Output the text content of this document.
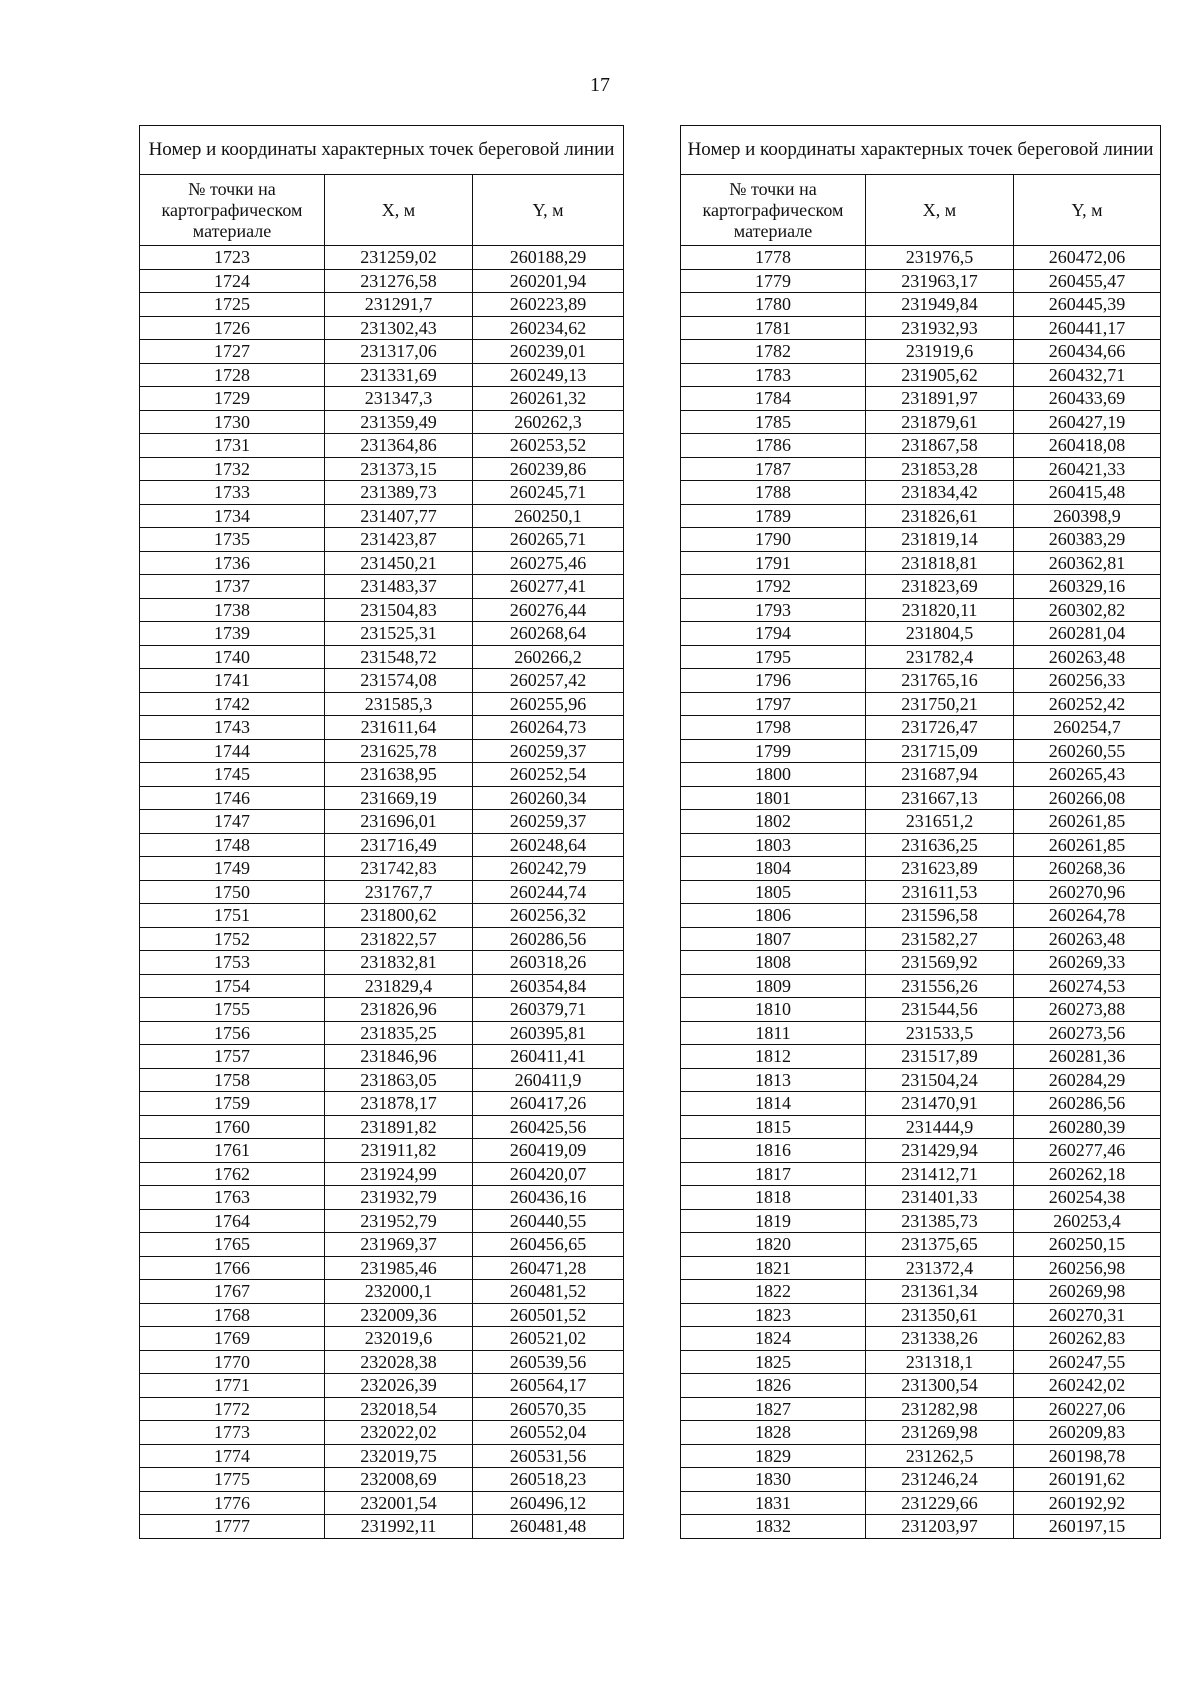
17
Номер и координаты характерных точек береговой линии		
№ точки на картографическом материале	X, м	Y, м
1723	231259,02	260188,29
1724	231276,58	260201,94
1725	231291,7	260223,89
1726	231302,43	260234,62
1727	231317,06	260239,01
1728	231331,69	260249,13
1729	231347,3	260261,32
1730	231359,49	260262,3
1731	231364,86	260253,52
1732	231373,15	260239,86
1733	231389,73	260245,71
1734	231407,77	260250,1
1735	231423,87	260265,71
1736	231450,21	260275,46
1737	231483,37	260277,41
1738	231504,83	260276,44
1739	231525,31	260268,64
1740	231548,72	260266,2
1741	231574,08	260257,42
1742	231585,3	260255,96
1743	231611,64	260264,73
1744	231625,78	260259,37
1745	231638,95	260252,54
1746	231669,19	260260,34
1747	231696,01	260259,37
1748	231716,49	260248,64
1749	231742,83	260242,79
1750	231767,7	260244,74
1751	231800,62	260256,32
1752	231822,57	260286,56
1753	231832,81	260318,26
1754	231829,4	260354,84
1755	231826,96	260379,71
1756	231835,25	260395,81
1757	231846,96	260411,41
1758	231863,05	260411,9
1759	231878,17	260417,26
1760	231891,82	260425,56
1761	231911,82	260419,09
1762	231924,99	260420,07
1763	231932,79	260436,16
1764	231952,79	260440,55
1765	231969,37	260456,65
1766	231985,46	260471,28
1767	232000,1	260481,52
1768	232009,36	260501,52
1769	232019,6	260521,02
1770	232028,38	260539,56
1771	232026,39	260564,17
1772	232018,54	260570,35
1773	232022,02	260552,04
1774	232019,75	260531,56
1775	232008,69	260518,23
1776	232001,54	260496,12
1777	231992,11	260481,48
Номер и координаты характерных точек береговой линии		
№ точки на картографическом материале	X, м	Y, м
1778	231976,5	260472,06
1779	231963,17	260455,47
1780	231949,84	260445,39
1781	231932,93	260441,17
1782	231919,6	260434,66
1783	231905,62	260432,71
1784	231891,97	260433,69
1785	231879,61	260427,19
1786	231867,58	260418,08
1787	231853,28	260421,33
1788	231834,42	260415,48
1789	231826,61	260398,9
1790	231819,14	260383,29
1791	231818,81	260362,81
1792	231823,69	260329,16
1793	231820,11	260302,82
1794	231804,5	260281,04
1795	231782,4	260263,48
1796	231765,16	260256,33
1797	231750,21	260252,42
1798	231726,47	260254,7
1799	231715,09	260260,55
1800	231687,94	260265,43
1801	231667,13	260266,08
1802	231651,2	260261,85
1803	231636,25	260261,85
1804	231623,89	260268,36
1805	231611,53	260270,96
1806	231596,58	260264,78
1807	231582,27	260263,48
1808	231569,92	260269,33
1809	231556,26	260274,53
1810	231544,56	260273,88
1811	231533,5	260273,56
1812	231517,89	260281,36
1813	231504,24	260284,29
1814	231470,91	260286,56
1815	231444,9	260280,39
1816	231429,94	260277,46
1817	231412,71	260262,18
1818	231401,33	260254,38
1819	231385,73	260253,4
1820	231375,65	260250,15
1821	231372,4	260256,98
1822	231361,34	260269,98
1823	231350,61	260270,31
1824	231338,26	260262,83
1825	231318,1	260247,55
1826	231300,54	260242,02
1827	231282,98	260227,06
1828	231269,98	260209,83
1829	231262,5	260198,78
1830	231246,24	260191,62
1831	231229,66	260192,92
1832	231203,97	260197,15
